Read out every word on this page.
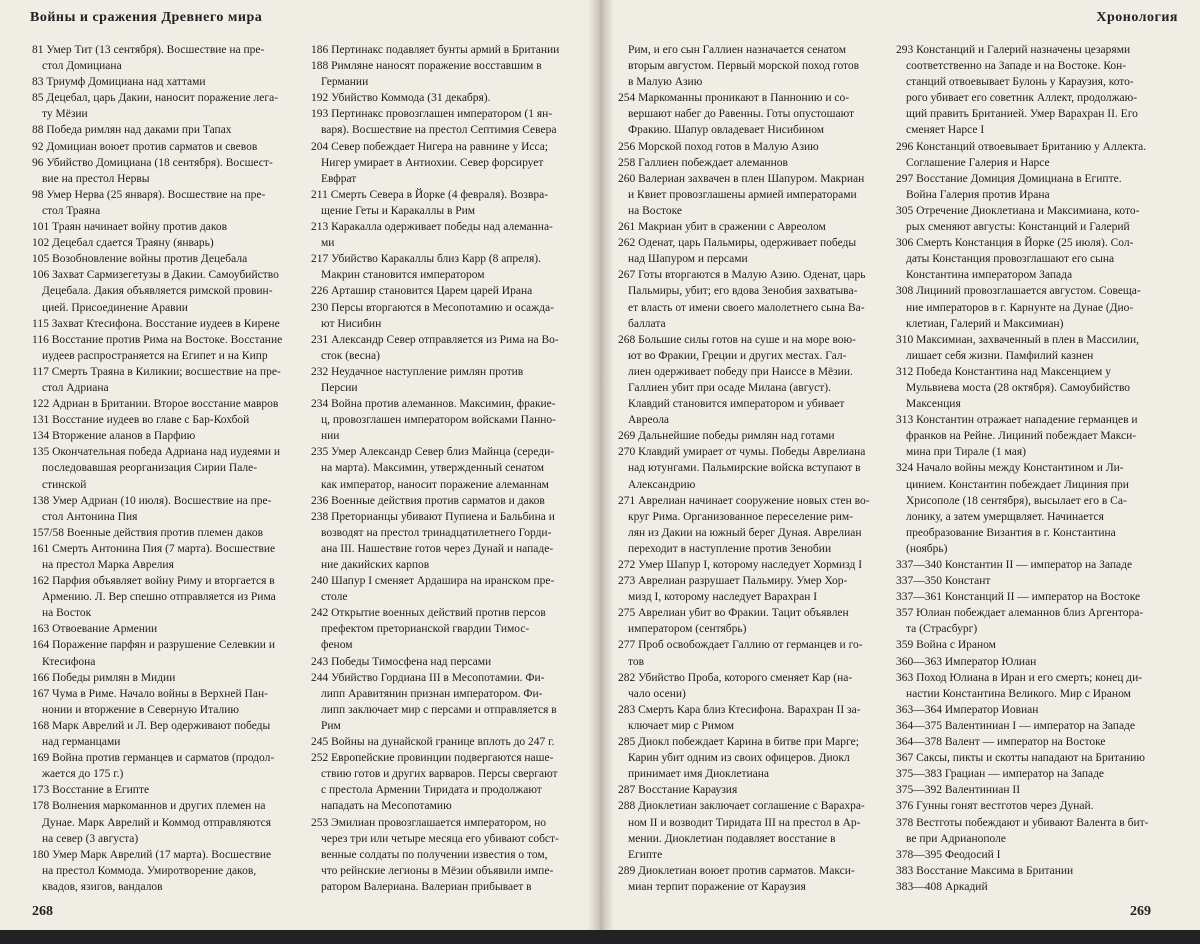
Войны и сражения Древнего мира	Хронология
81 Умер Тит (13 сентября). Восшествие на пре-
стол Домициана
83 Триумф Домициана над хаттами
85 Децебал, царь Дакии, наносит поражение лега-
ту Мёзии
88 Победа римлян над даками при Тапах
92 Домициан воюет против сарматов и свевов
96 Убийство Домициана (18 сентября). Восшест-
вие на престол Нервы
98 Умер Нерва (25 января). Восшествие на пре-
стол Траяна
101 Траян начинает войну против даков
102 Децебал сдается Траяну (январь)
105 Возобновление войны против Децебала
106 Захват Сармизегетузы в Дакии. Самоубийство
Децебала. Дакия объявляется римской провин-
цией. Присоединение Аравии
115 Захват Ктесифона. Восстание иудеев в Кирене
116 Восстание против Рима на Востоке. Восстание
иудеев распространяется на Египет и на Кипр
117 Смерть Траяна в Киликии; восшествие на пре-
стол Адриана
122 Адриан в Британии. Второе восстание мавров
131 Восстание иудеев во главе с Бар-Кохбой
134 Вторжение аланов в Парфию
135 Окончательная победа Адриана над иудеями и
последовавшая реорганизация Сирии Пале-
стинской
138 Умер Адриан (10 июля). Восшествие на пре-
стол Антонина Пия
157/58 Военные действия против племен даков
161 Смерть Антонина Пия (7 марта). Восшествие
на престол Марка Аврелия
162 Парфия объявляет войну Риму и вторгается в
Армению. Л. Вер спешно отправляется из Рима
на Восток
163 Отвоевание Армении
164 Поражение парфян и разрушение Селевкии и
Ктесифона
166 Победы римлян в Мидии
167 Чума в Риме. Начало войны в Верхней Пан-
нонии и вторжение в Северную Италию
168 Марк Аврелий и Л. Вер одерживают победы
над германцами
169 Война против германцев и сарматов (продол-
жается до 175 г.)
173 Восстание в Египте
178 Волнения маркоманнов и других племен на
Дунае. Марк Аврелий и Коммод отправляются
на север (3 августа)
180 Умер Марк Аврелий (17 марта). Восшествие
на престол Коммода. Умиротворение даков,
квадов, язигов, вандалов
186 Пертинакс подавляет бунты армий в Британии
188 Римляне наносят поражение восставшим в
Германии
192 Убийство Коммода (31 декабря).
193 Пертинакс провозглашен императором (1 ян-
варя). Восшествие на престол Септимия Севера
204 Север побеждает Нигера на равнине у Исса;
Нигер умирает в Антиохии. Север форсирует
Евфрат
211 Смерть Севера в Йорке (4 февраля). Возвра-
щение Геты и Каракаллы в Рим
213 Каракалла одерживает победы над алеманна-
ми
217 Убийство Каракаллы близ Карр (8 апреля).
Макрин становится императором
226 Арташир становится Царем царей Ирана
230 Персы вторгаются в Месопотамию и осажда-
ют Нисибин
231 Александр Север отправляется из Рима на Во-
сток (весна)
232 Неудачное наступление римлян против
Персии
234 Война против алеманнов. Максимин, фракие-
ц, провозглашен императором войсками Панно-
нии
235 Умер Александр Север близ Майнца (середи-
на марта). Максимин, утвержденный сенатом
как император, наносит поражение алеманнам
236 Военные действия против сарматов и даков
238 Преторианцы убивают Пупиена и Бальбина и
возводят на престол тринадцатилетнего Горди-
ана III. Нашествие готов через Дунай и нападе-
ние дакийских карпов
240 Шапур I сменяет Ардашира на иранском пре-
столе
242 Открытие военных действий против персов
префектом преторианской гвардии Тимос-
феном
243 Победы Тимосфена над персами
244 Убийство Гордиана III в Месопотамии. Фи-
липп Аравитянин признан императором. Фи-
липп заключает мир с персами и отправляется в
Рим
245 Войны на дунайской границе вплоть до 247 г.
252 Европейские провинции подвергаются наше-
ствию готов и других варваров. Персы свергают
с престола Армении Тиридата и продолжают
нападать на Месопотамию
253 Эмилиан провозглашается императором, но
через три или четыре месяца его убивают собст-
венные солдаты по получении известия о том,
что рейнские легионы в Мёзии объявили импе-
ратором Валериана. Валериан прибывает в
Рим, и его сын Галлиен назначается сенатом
вторым августом. Первый морской поход готов
в Малую Азию
254 Маркоманны проникают в Паннонию и со-
вершают набег до Равенны. Готы опустошают
Фракию. Шапур овладевает Нисибином
256 Морской поход готов в Малую Азию
258 Галлиен побеждает алеманнов
260 Валериан захвачен в плен Шапуром. Макриан
и Квиет провозглашены армией императорами
на Востоке
261 Макриан убит в сражении с Авреолом
262 Оденат, царь Пальмиры, одерживает победы
над Шапуром и персами
267 Готы вторгаются в Малую Азию. Оденат, царь
Пальмиры, убит; его вдова Зенобия захватыва-
ет власть от имени своего малолетнего сына Ва-
баллата
268 Большие силы готов на суше и на море вою-
ют во Фракии, Греции и других местах. Гал-
лиен одерживает победу при Наиссе в Мёзии.
Галлиен убит при осаде Милана (август).
Клавдий становится императором и убивает
Авреола
269 Дальнейшие победы римлян над готами
270 Клавдий умирает от чумы. Победы Аврелиана
над ютунгами. Пальмирские войска вступают в
Александрию
271 Аврелиан начинает сооружение новых стен во-
круг Рима. Организованное переселение рим-
лян из Дакии на южный берег Дуная. Аврелиан
переходит в наступление против Зенобии
272 Умер Шапур I, которому наследует Хормизд I
273 Аврелиан разрушает Пальмиру. Умер Хор-
мизд I, которому наследует Варахран I
275 Аврелиан убит во Фракии. Тацит объявлен
императором (сентябрь)
277 Проб освобождает Галлию от германцев и го-
тов
282 Убийство Проба, которого сменяет Кар (на-
чало осени)
283 Смерть Кара близ Ктесифона. Варахран II за-
ключает мир с Римом
285 Диокл побеждает Карина в битве при Марге;
Карин убит одним из своих офицеров. Диокл
принимает имя Диоклетиана
287 Восстание Караузия
288 Диоклетиан заключает соглашение с Варахра-
ном II и возводит Тиридата III на престол в Ар-
мении. Диоклетиан подавляет восстание в
Египте
289 Диоклетиан воюет против сарматов. Макси-
миан терпит поражение от Караузия
293 Констанций и Галерий назначены цезарями
соответственно на Западе и на Востоке. Кон-
станций отвоевывает Булонь у Караузия, кото-
рого убивает его советник Аллект, продолжаю-
щий править Британией. Умер Варахран II. Его
сменяет Нарсе I
296 Констанций отвоевывает Британию у Аллекта.
Соглашение Галерия и Нарсе
297 Восстание Домиция Домициана в Египте.
Война Галерия против Ирана
305 Отречение Диоклетиана и Максимиана, кото-
рых сменяют августы: Констанций и Галерий
306 Смерть Констанция в Йорке (25 июля). Сол-
даты Констанция провозглашают его сына
Константина императором Запада
308 Лициний провозглашается августом. Совеща-
ние императоров в г. Карнунте на Дунае (Дио-
клетиан, Галерий и Максимиан)
310 Максимиан, захваченный в плен в Массилии,
лишает себя жизни. Памфилий казнен
312 Победа Константина над Максенцием у
Мульвиева моста (28 октября). Самоубийство
Максенция
313 Константин отражает нападение германцев и
франков на Рейне. Лициний побеждает Макси-
мина при Тирале (1 мая)
324 Начало войны между Константином и Ли-
цинием. Константин побеждает Лициния при
Хрисополе (18 сентября), высылает его в Са-
лонику, а затем умерщвляет. Начинается
преобразование Византия в г. Константина
(ноябрь)
337—340 Константин II — император на Западе
337—350 Констант
337—361 Констанций II — император на Востоке
357 Юлиан побеждает алеманнов близ Аргентора-
та (Страсбург)
359 Война с Ираном
360—363 Император Юлиан
363 Поход Юлиана в Иран и его смерть; конец ди-
настии Константина Великого. Мир с Ираном
363—364 Император Иовиан
364—375 Валентиниан I — император на Западе
364—378 Валент — император на Востоке
367 Саксы, пикты и скотты нападают на Британию
375—383 Грациан — император на Западе
375—392 Валентиниан II
376 Гунны гонят вестготов через Дунай.
378 Вестготы побеждают и убивают Валента в бит-
ве при Адрианополе
378—395 Феодосий I
383 Восстание Максима в Британии
383—408 Аркадий
268	269
